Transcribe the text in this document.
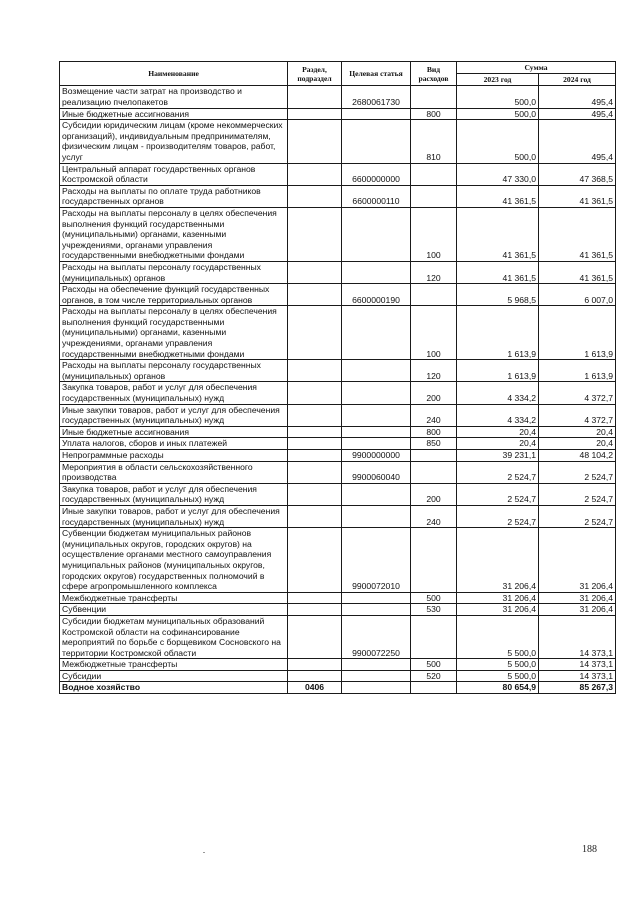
Наименование	Раздел, подраздел	Целевая статья	Вид расходов	Сумма	
				2023 год	2024 год
Возмещение части затрат на производство и реализацию пчелопакетов		2680061730		500,0	495,4
Иные бюджетные ассигнования			800	500,0	495,4
Субсидии юридическим лицам (кроме некоммерческих организаций), индивидуальным предпринимателям, физическим лицам - производителям товаров, работ, услуг			810	500,0	495,4
Центральный аппарат государственных органов Костромской области		6600000000		47 330,0	47 368,5
Расходы на выплаты по оплате труда работников государственных органов		6600000110		41 361,5	41 361,5
Расходы на выплаты персоналу в целях обеспечения выполнения функций государственными (муниципальными) органами, казенными учреждениями, органами управления государственными внебюджетными фондами			100	41 361,5	41 361,5
Расходы на выплаты персоналу государственных (муниципальных) органов			120	41 361,5	41 361,5
Расходы на обеспечение функций государственных органов, в том числе территориальных органов		6600000190		5 968,5	6 007,0
Расходы на выплаты персоналу в целях обеспечения выполнения функций государственными (муниципальными) органами, казенными учреждениями, органами управления государственными внебюджетными фондами			100	1 613,9	1 613,9
Расходы на выплаты персоналу государственных (муниципальных) органов			120	1 613,9	1 613,9
Закупка товаров, работ и услуг для обеспечения государственных (муниципальных) нужд			200	4 334,2	4 372,7
Иные закупки товаров, работ и услуг для обеспечения государственных (муниципальных) нужд			240	4 334,2	4 372,7
Иные бюджетные ассигнования			800	20,4	20,4
Уплата налогов, сборов и иных платежей			850	20,4	20,4
Непрограммные расходы		9900000000		39 231,1	48 104,2
Мероприятия в области сельскохозяйственного производства		9900060040		2 524,7	2 524,7
Закупка товаров, работ и услуг для обеспечения государственных (муниципальных) нужд			200	2 524,7	2 524,7
Иные закупки товаров, работ и услуг для обеспечения государственных (муниципальных) нужд			240	2 524,7	2 524,7
Субвенции бюджетам муниципальных районов (муниципальных округов, городских округов) на осуществление органами местного самоуправления муниципальных районов (муниципальных округов, городских округов) государственных полномочий в сфере агропромышленного комплекса		9900072010		31 206,4	31 206,4
Межбюджетные трансферты			500	31 206,4	31 206,4
Субвенции			530	31 206,4	31 206,4
Субсидии бюджетам муниципальных образований Костромской области на софинансирование мероприятий по борьбе с борщевиком Сосновского на территории Костромской области		9900072250		5 500,0	14 373,1
Межбюджетные трансферты			500	5 500,0	14 373,1
Субсидии			520	5 500,0	14 373,1
Водное хозяйство	0406			80 654,9	85 267,3
188
